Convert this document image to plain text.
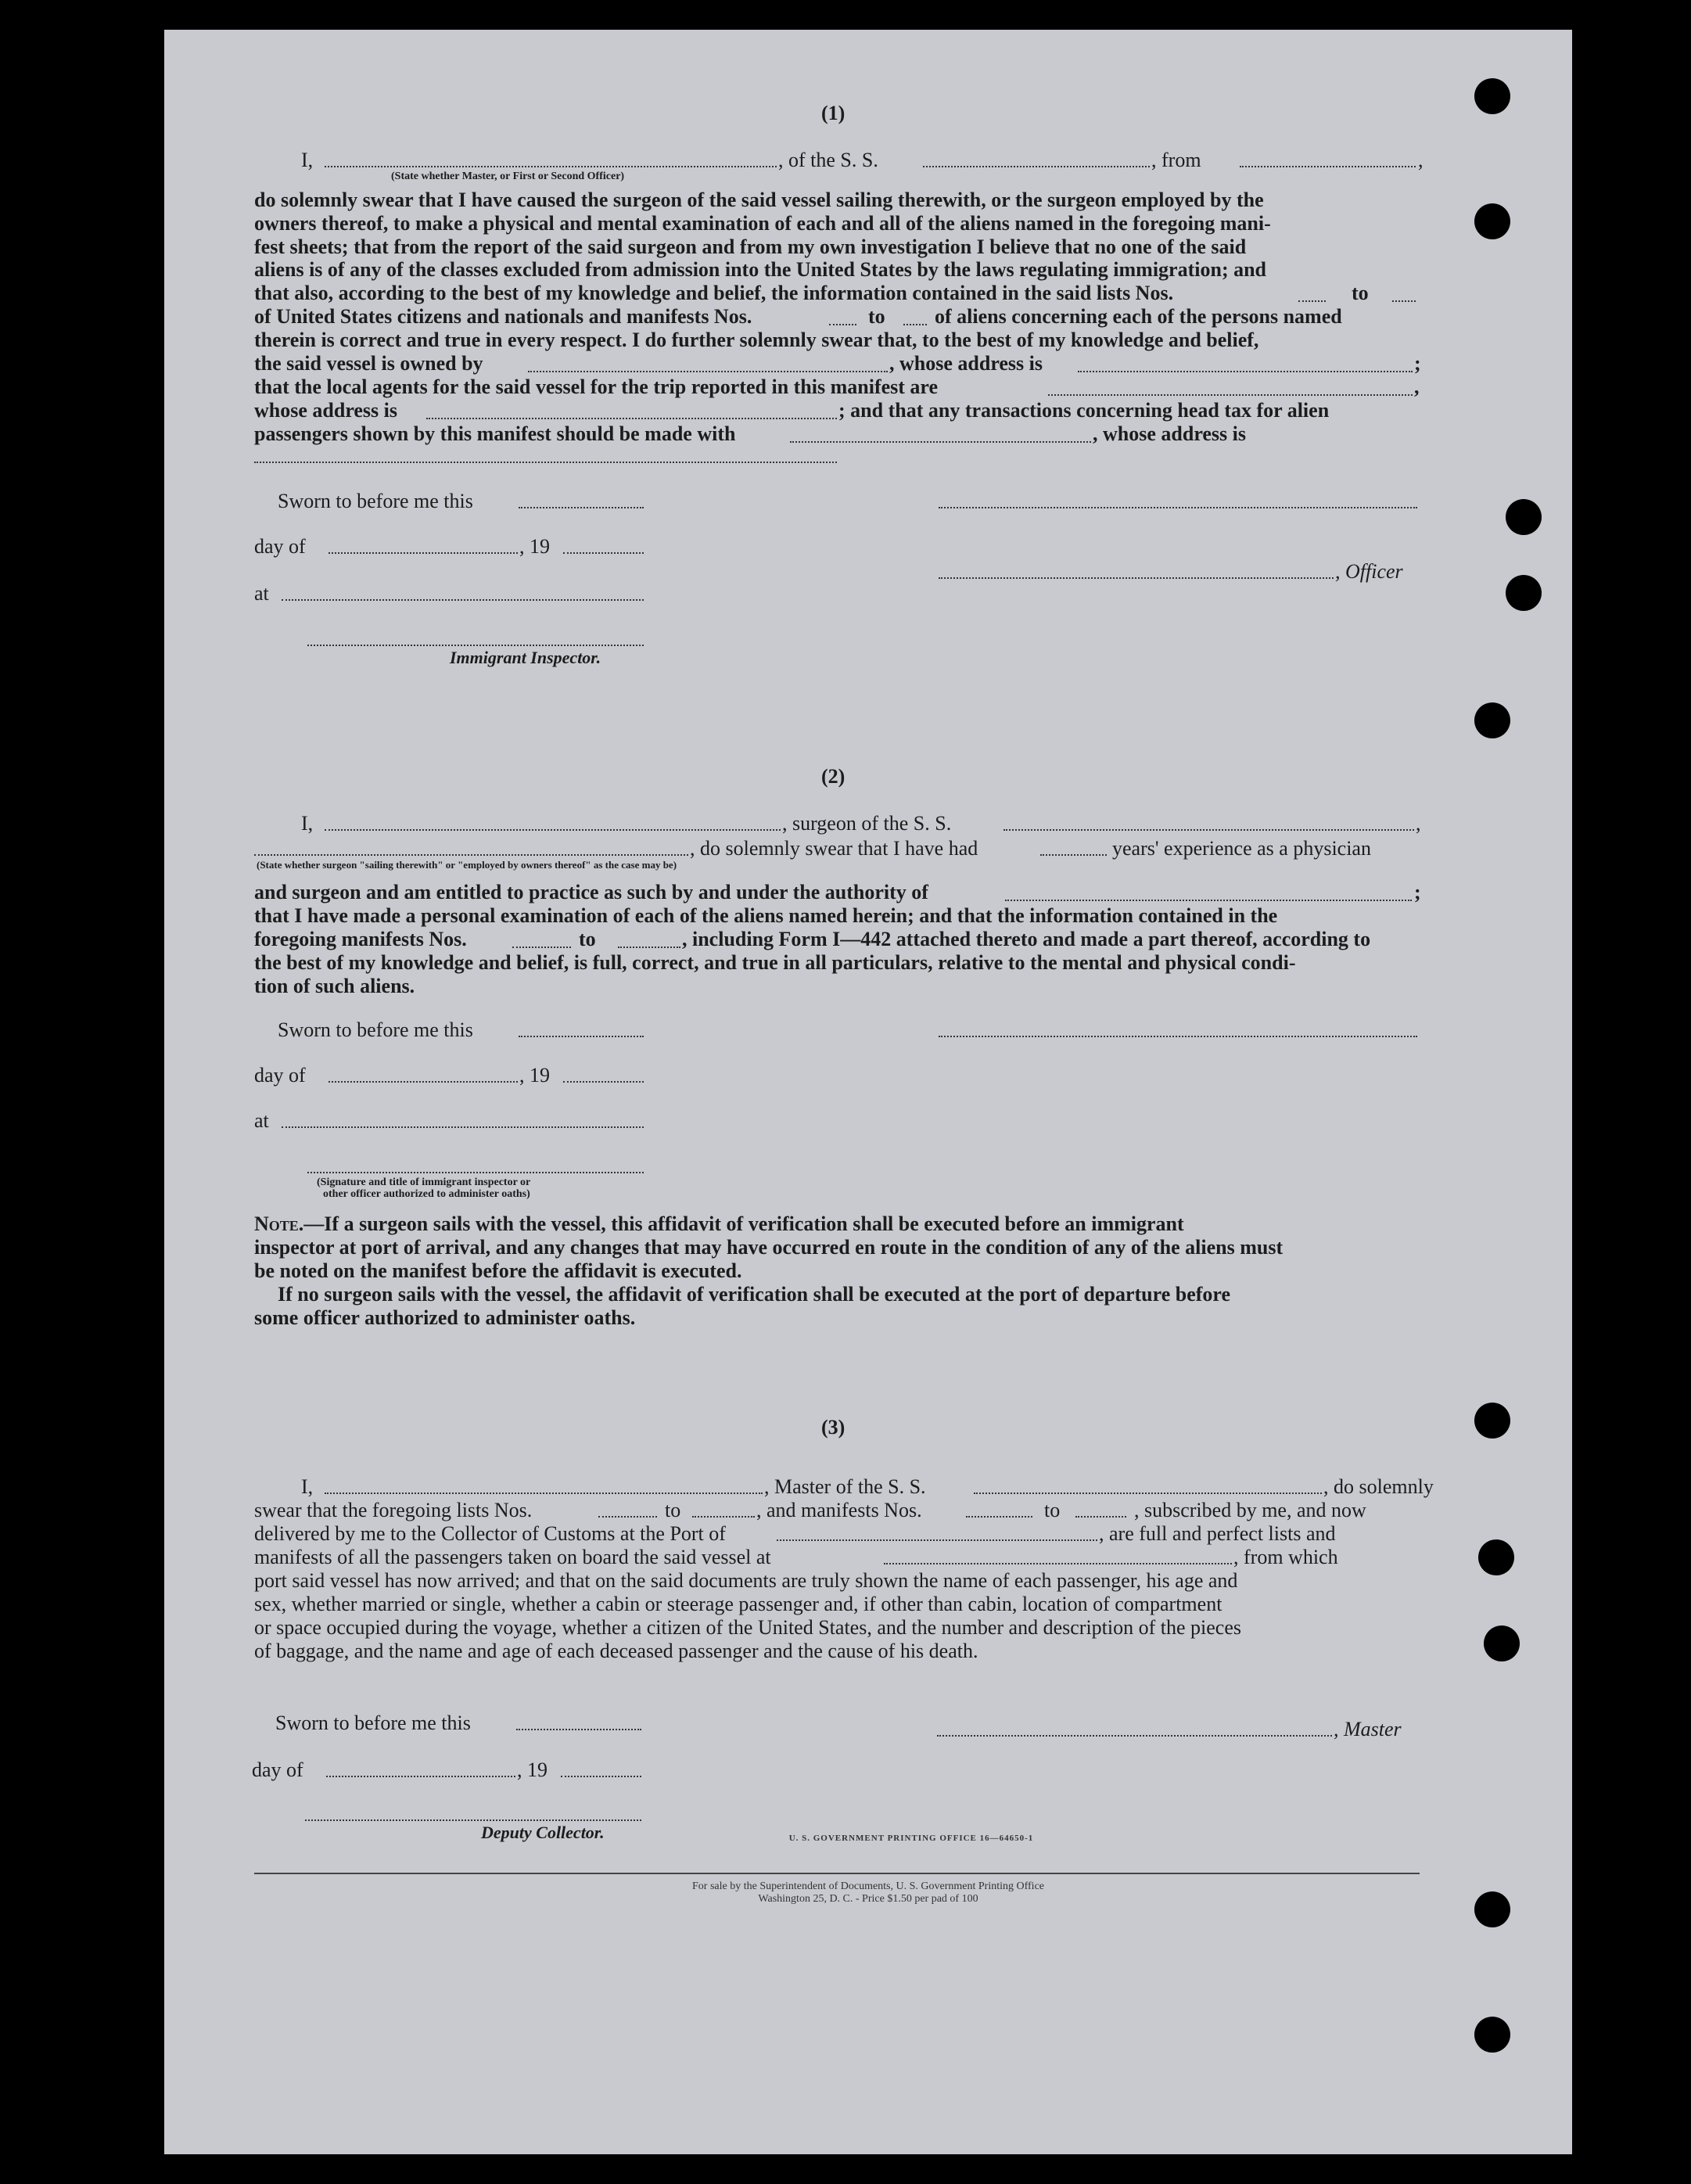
(1)
I,	, of the S. S.	, from	,
(State whether Master, or First or Second Officer)
do solemnly swear that I have caused the surgeon of the said vessel sailing therewith, or the surgeon employed by the
owners thereof, to make a physical and mental examination of each and all of the aliens named in the foregoing mani-
fest sheets; that from the report of the said surgeon and from my own investigation I believe that no one of the said
aliens is of any of the classes excluded from admission into the United States by the laws regulating immigration; and
that also, according to the best of my knowledge and belief, the information contained in the said lists Nos.	to
of United States citizens and nationals and manifests Nos.	to of aliens concerning each of the persons named
therein is correct and true in every respect. I do further solemnly swear that, to the best of my knowledge and belief,
the said vessel is owned by	, whose address is	;
that the local agents for the said vessel for the trip reported in this manifest are	,
whose address is	; and that any transactions concerning head tax for alien
passengers shown by this manifest should be made with	, whose address is
Sworn to before me this
day of	, 19
, Officer
at
Immigrant Inspector.
(2)
I,	, surgeon of the S. S.	,
, do solemnly swear that I have had	years' experience as a physician
(State whether surgeon "sailing therewith" or "employed by owners thereof" as the case may be)
and surgeon and am entitled to practice as such by and under the authority of	;
that I have made a personal examination of each of the aliens named herein; and that the information contained in the
foregoing manifests Nos.	to	, including Form I—442 attached thereto and made a part thereof, according to
the best of my knowledge and belief, is full, correct, and true in all particulars, relative to the mental and physical condi-
tion of such aliens.
Sworn to before me this
day of	, 19
at
(Signature and title of immigrant inspector or
other officer authorized to administer oaths)
Note.—If a surgeon sails with the vessel, this affidavit of verification shall be executed before an immigrant
inspector at port of arrival, and any changes that may have occurred en route in the condition of any of the aliens must
be noted on the manifest before the affidavit is executed.
If no surgeon sails with the vessel, the affidavit of verification shall be executed at the port of departure before
some officer authorized to administer oaths.
(3)
I,	, Master of the S. S.	, do solemnly
swear that the foregoing lists Nos.	to	, and manifests Nos.	to	, subscribed by me, and now
delivered by me to the Collector of Customs at the Port of	, are full and perfect lists and
manifests of all the passengers taken on board the said vessel at	, from which
port said vessel has now arrived; and that on the said documents are truly shown the name of each passenger, his age and
sex, whether married or single, whether a cabin or steerage passenger and, if other than cabin, location of compartment
or space occupied during the voyage, whether a citizen of the United States, and the number and description of the pieces
of baggage, and the name and age of each deceased passenger and the cause of his death.
Sworn to before me this	, Master
day of	, 19
Deputy Collector.	U. S. GOVERNMENT PRINTING OFFICE 16—64650-1
For sale by the Superintendent of Documents, U. S. Government Printing Office
Washington 25, D. C. - Price $1.50 per pad of 100
